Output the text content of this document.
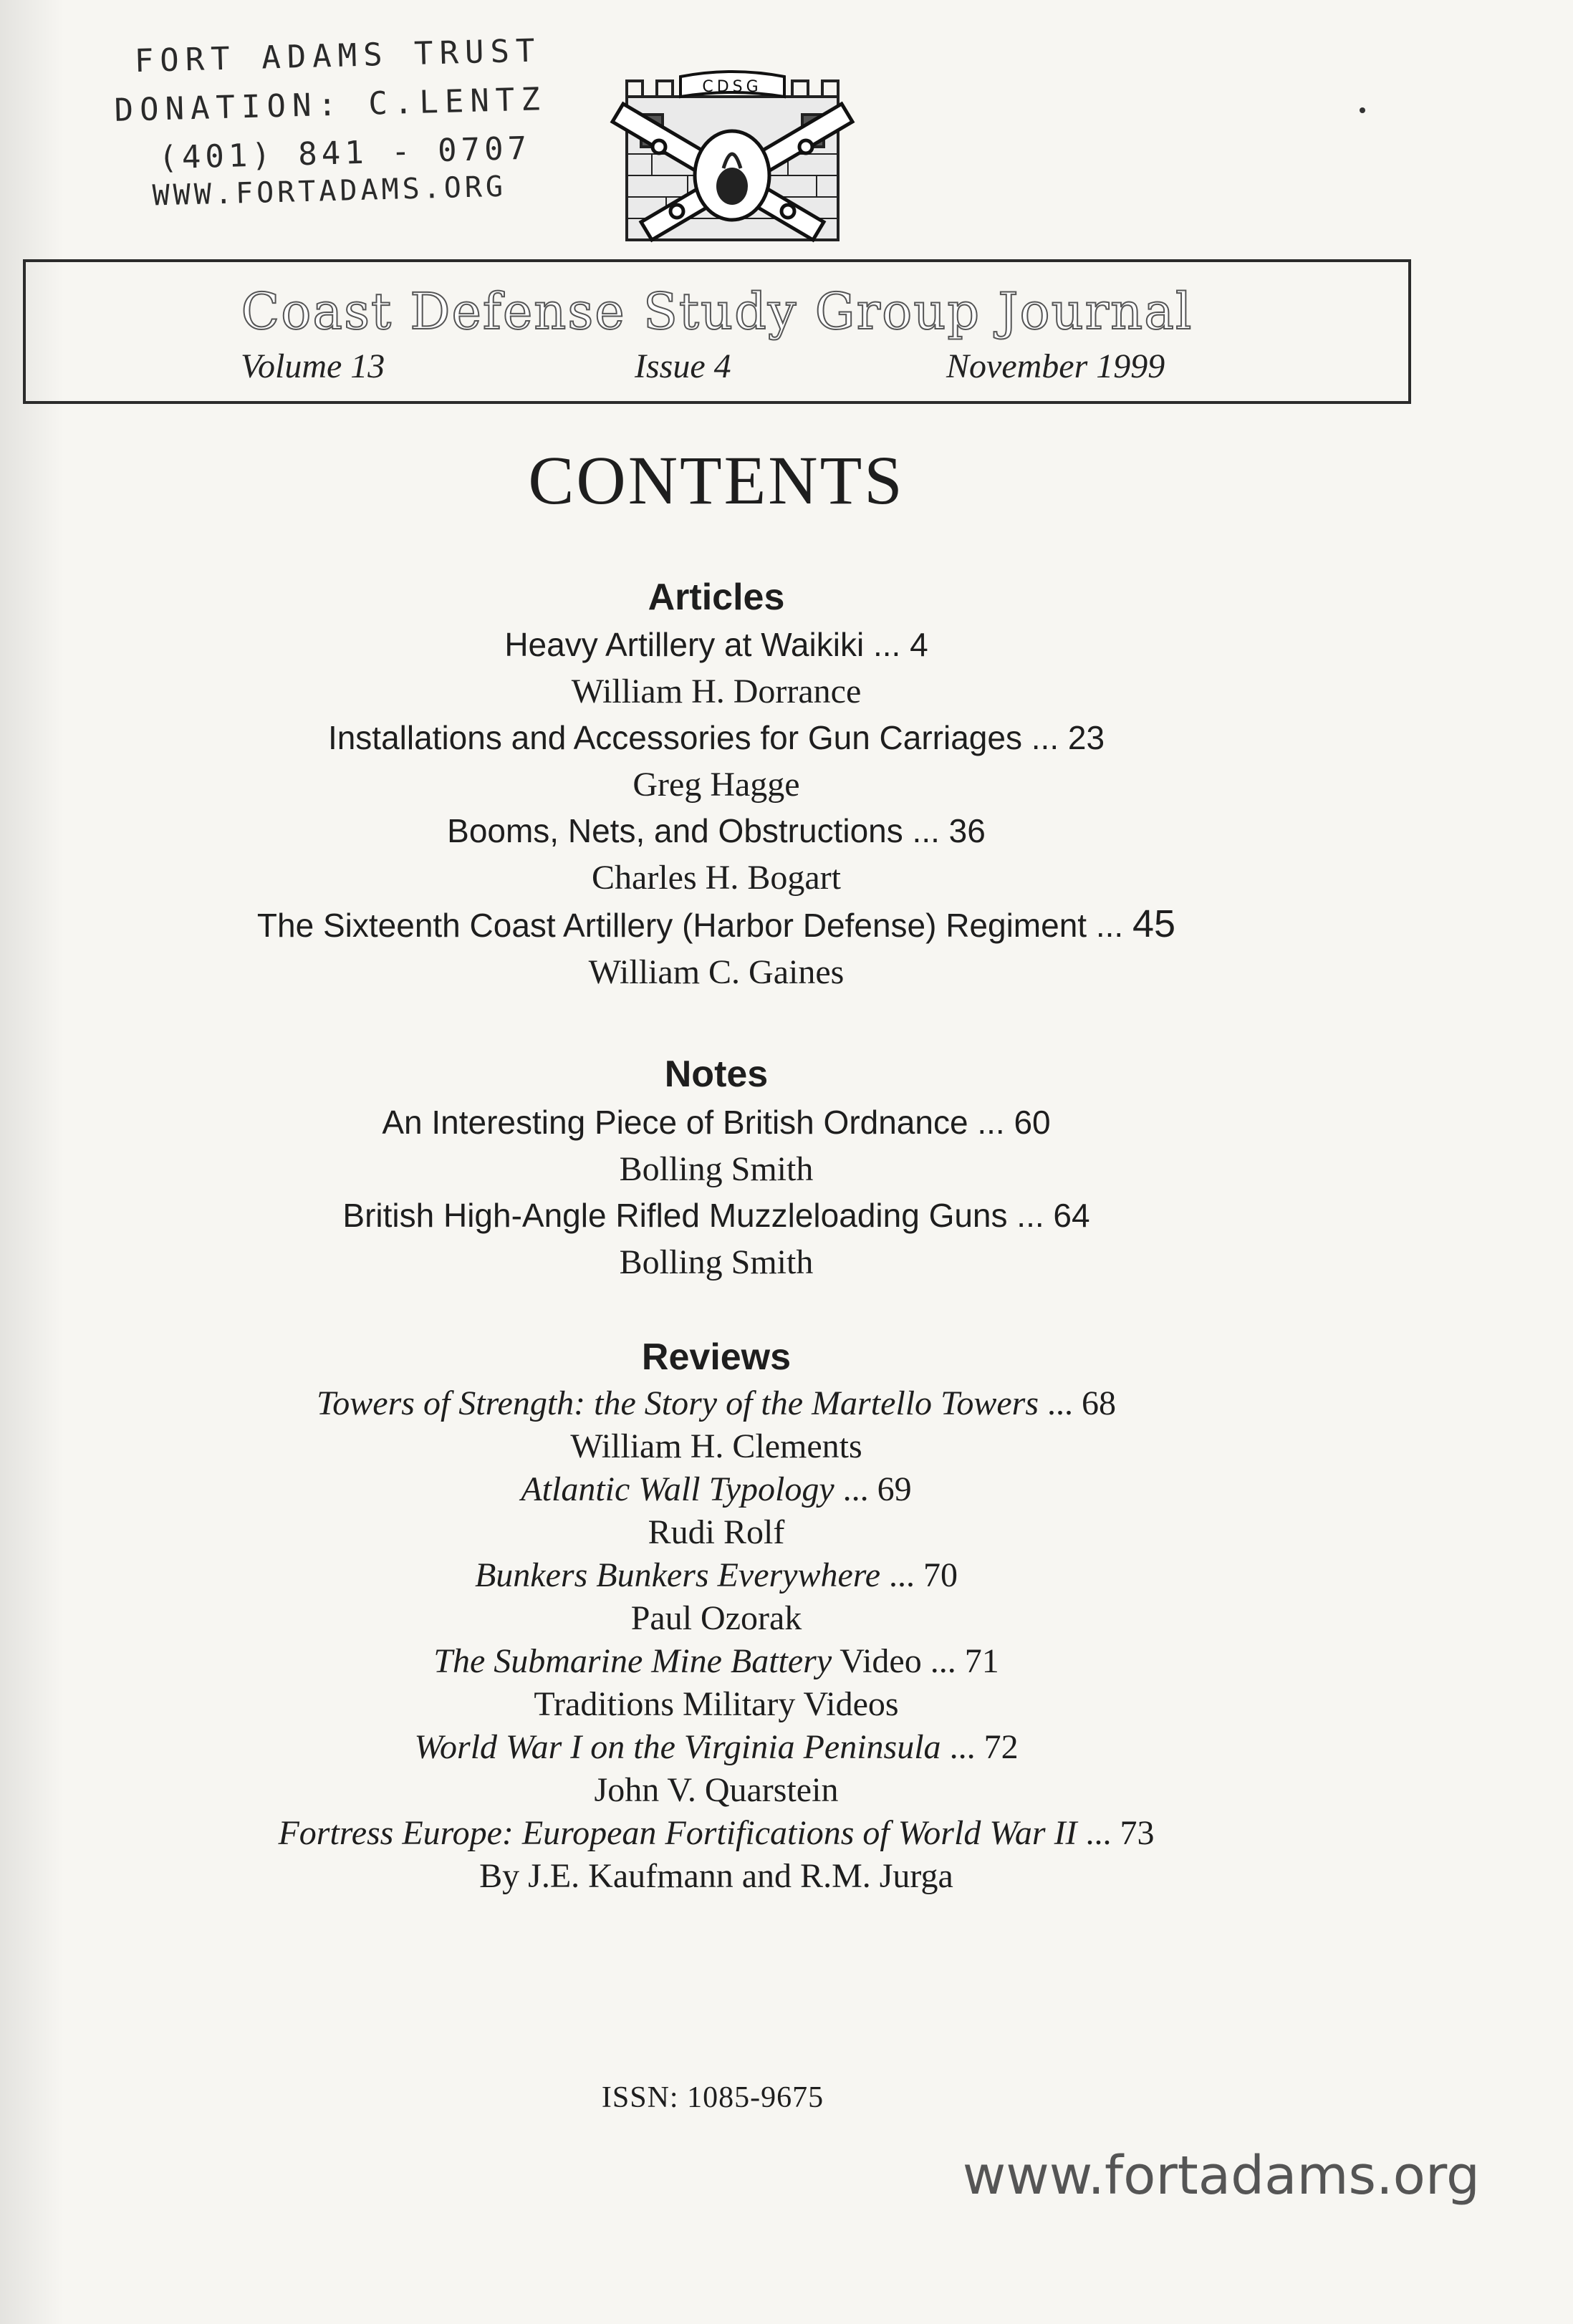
FORT ADAMS TRUST
DONATION: C.LENTZ
(401) 841 - 0707
WWW.FORTADAMS.ORG
CDSG
Coast Defense Study Group Journal
Volume 13	Issue 4	November 1999
CONTENTS

Articles

Heavy Artillery at Waikiki ... 4

William H. Dorrance

Installations and Accessories for Gun Carriages ... 23

Greg Hagge

Booms, Nets, and Obstructions ... 36

Charles H. Bogart

The Sixteenth Coast Artillery (Harbor Defense) Regiment ... 45

William C. Gaines

Notes

An Interesting Piece of British Ordnance ... 60

Bolling Smith

British High-Angle Rifled Muzzleloading Guns ... 64

Bolling Smith

Reviews

Towers of Strength: the Story of the Martello Towers ... 68

William H. Clements

Atlantic Wall Typology ... 69

Rudi Rolf

Bunkers Bunkers Everywhere ... 70

Paul Ozorak

The Submarine Mine Battery Video ... 71

Traditions Military Videos

World War I on the Virginia Peninsula ... 72

John V. Quarstein

Fortress Europe: European Fortifications of World War II ... 73

By J.E. Kaufmann and R.M. Jurga

ISSN: 1085-9675
www.fortadams.org
